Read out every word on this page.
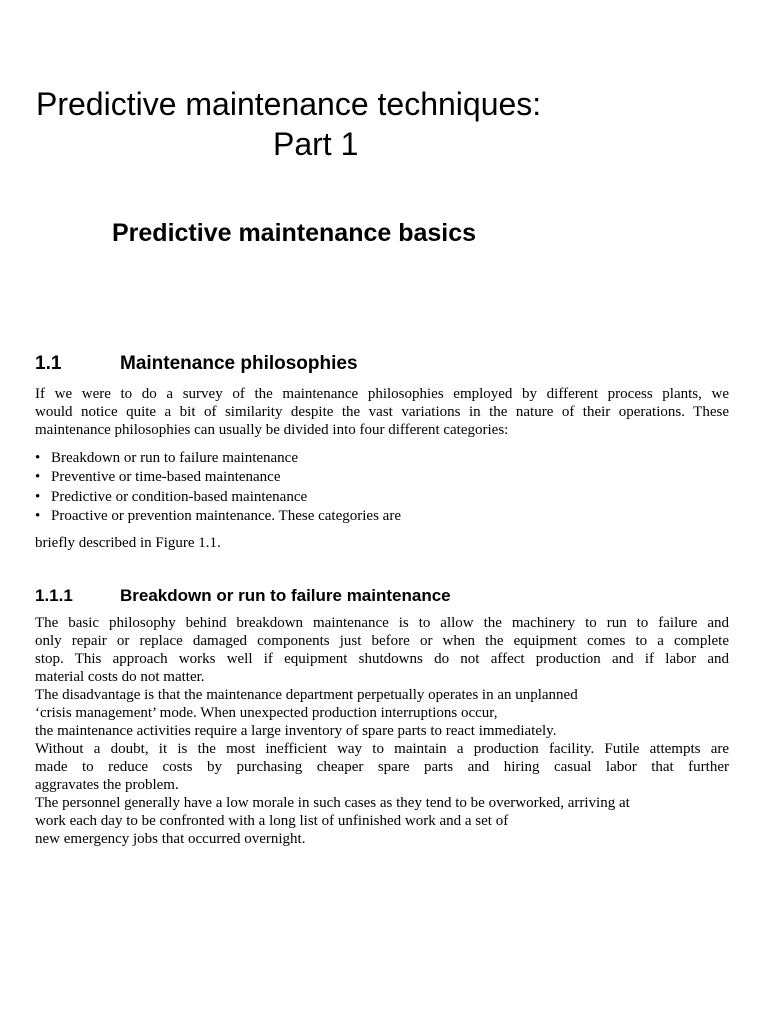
Predictive maintenance techniques:
Part 1
Predictive maintenance basics
1.1	Maintenance philosophies

If we were to do a survey of the maintenance philosophies employed by different process plants, we
would notice quite a bit of similarity despite the vast variations in the nature of their operations. These
maintenance philosophies can usually be divided into four different categories:

• Breakdown or run to failure maintenance
• Preventive or time-based maintenance
• Predictive or condition-based maintenance
• Proactive or prevention maintenance. These categories are
briefly described in Figure 1.1.
1.1.1	Breakdown or run to failure maintenance

The basic philosophy behind breakdown maintenance is to allow the machinery to run to failure and
only repair or replace damaged components just before or when the equipment comes to a complete
stop. This approach works well if equipment shutdowns do not affect production and if labor and
material costs do not matter.

The disadvantage is that the maintenance department perpetually operates in an unplanned
‘crisis management’ mode. When unexpected production interruptions occur,
the maintenance activities require a large inventory of spare parts to react immediately.

Without a doubt, it is the most inefficient way to maintain a production facility. Futile attempts are
made to reduce costs by purchasing cheaper spare parts and hiring casual labor that further
aggravates the problem.

The personnel generally have a low morale in such cases as they tend to be overworked, arriving at
work each day to be confronted with a long list of unfinished work and a set of
new emergency jobs that occurred overnight.
